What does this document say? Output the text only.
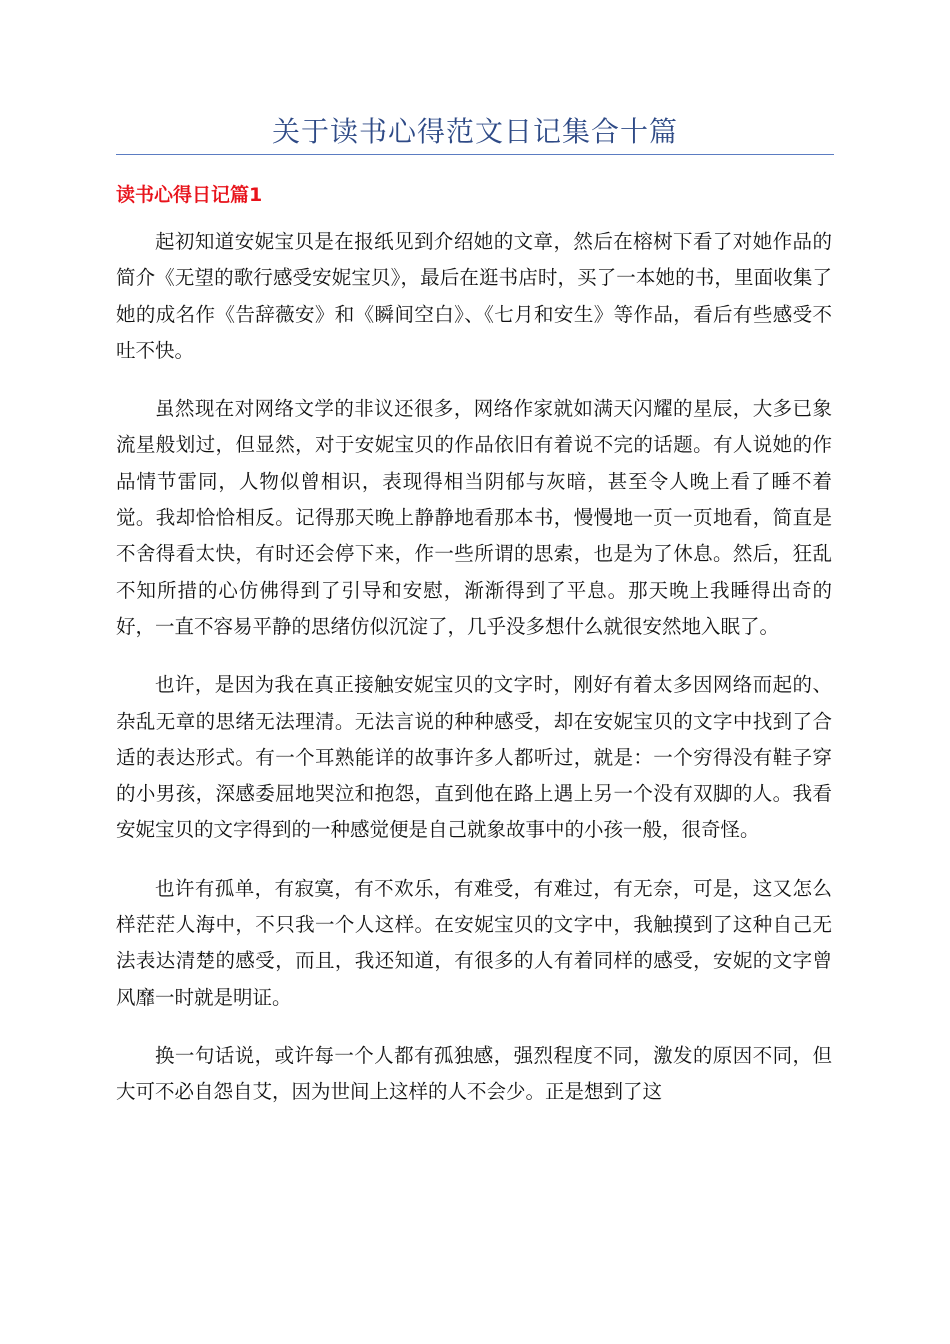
关于读书心得范文日记集合十篇
读书心得日记篇1

起初知道安妮宝贝是在报纸见到介绍她的文章，然后在榕树下看了对她作品的简介《无望的歌行感受安妮宝贝》，最后在逛书店时，买了一本她的书，里面收集了她的成名作《告辞薇安》和《瞬间空白》、《七月和安生》等作品，看后有些感受不吐不快。

虽然现在对网络文学的非议还很多，网络作家就如满天闪耀的星辰，大多已象流星般划过，但显然，对于安妮宝贝的作品依旧有着说不完的话题。有人说她的作品情节雷同，人物似曾相识，表现得相当阴郁与灰暗，甚至令人晚上看了睡不着觉。我却恰恰相反。记得那天晚上静静地看那本书，慢慢地一页一页地看，简直是不舍得看太快，有时还会停下来，作一些所谓的思索，也是为了休息。然后，狂乱不知所措的心仿佛得到了引导和安慰，渐渐得到了平息。那天晚上我睡得出奇的好，一直不容易平静的思绪仿似沉淀了，几乎没多想什么就很安然地入眠了。

也许，是因为我在真正接触安妮宝贝的文字时，刚好有着太多因网络而起的、杂乱无章的思绪无法理清。无法言说的种种感受，却在安妮宝贝的文字中找到了合适的表达形式。有一个耳熟能详的故事许多人都听过，就是：一个穷得没有鞋子穿的小男孩，深感委屈地哭泣和抱怨，直到他在路上遇上另一个没有双脚的人。我看安妮宝贝的文字得到的一种感觉便是自己就象故事中的小孩一般，很奇怪。

也许有孤单，有寂寞，有不欢乐，有难受，有难过，有无奈，可是，这又怎么样茫茫人海中，不只我一个人这样。在安妮宝贝的文字中，我触摸到了这种自己无法表达清楚的感受，而且，我还知道，有很多的人有着同样的感受，安妮的文字曾风靡一时就是明证。

换一句话说，或许每一个人都有孤独感，强烈程度不同，激发的原因不同，但大可不必自怨自艾，因为世间上这样的人不会少。正是想到了这
